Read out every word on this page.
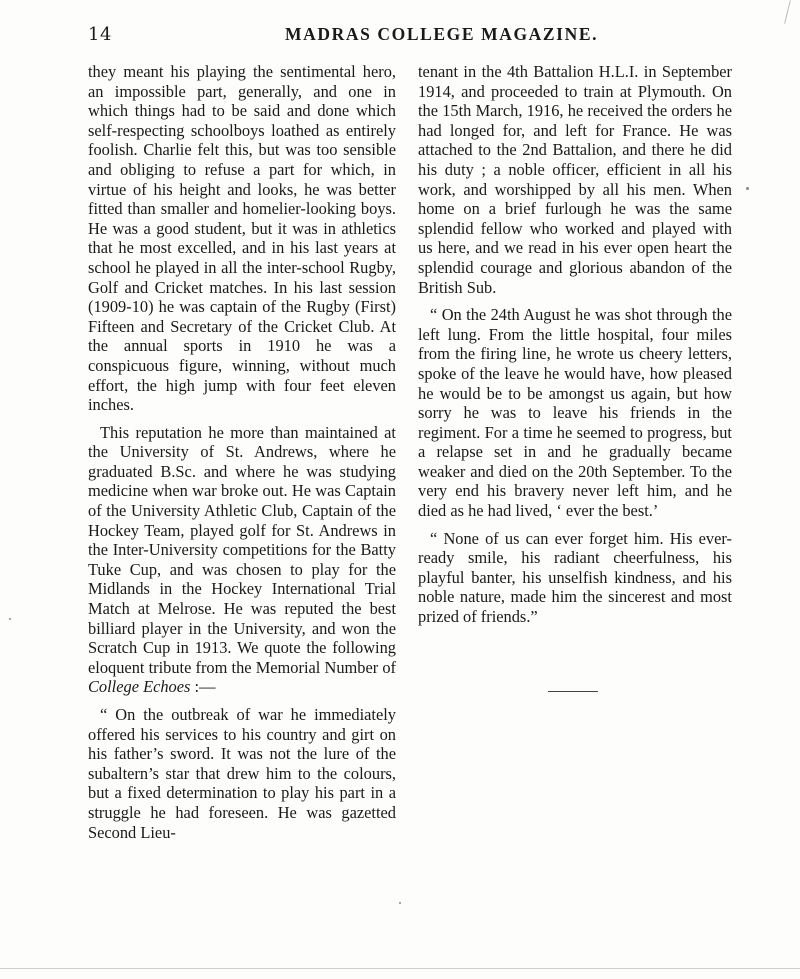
14	MADRAS COLLEGE MAGAZINE.

they meant his playing the sentimental hero, an impossible part, generally, and one in which things had to be said and done which self-respecting schoolboys loathed as entirely foolish. Charlie felt this, but was too sensible and obliging to refuse a part for which, in virtue of his height and looks, he was better fitted than smaller and homelier-looking boys. He was a good student, but it was in athletics that he most excelled, and in his last years at school he played in all the inter-school Rugby, Golf and Cricket matches. In his last session (1909-10) he was captain of the Rugby (First) Fifteen and Secretary of the Cricket Club. At the annual sports in 1910 he was a conspicuous figure, winning, without much effort, the high jump with four feet eleven inches.

This reputation he more than maintained at the University of St. Andrews, where he graduated B.Sc. and where he was studying medicine when war broke out. He was Captain of the University Athletic Club, Captain of the Hockey Team, played golf for St. Andrews in the Inter-University competitions for the Batty Tuke Cup, and was chosen to play for the Midlands in the Hockey International Trial Match at Melrose. He was reputed the best billiard player in the University, and won the Scratch Cup in 1913. We quote the following eloquent tribute from the Memorial Number of College Echoes :—

“ On the outbreak of war he immediately offered his services to his country and girt on his father’s sword. It was not the lure of the subaltern’s star that drew him to the colours, but a fixed determination to play his part in a struggle he had foreseen. He was gazetted Second Lieu-

tenant in the 4th Battalion H.L.I. in September 1914, and proceeded to train at Plymouth. On the 15th March, 1916, he received the orders he had longed for, and left for France. He was attached to the 2nd Battalion, and there he did his duty ; a noble officer, efficient in all his work, and worshipped by all his men. When home on a brief furlough he was the same splendid fellow who worked and played with us here, and we read in his ever open heart the splendid courage and glorious abandon of the British Sub.

“ On the 24th August he was shot through the left lung. From the little hospital, four miles from the firing line, he wrote us cheery letters, spoke of the leave he would have, how pleased he would be to be amongst us again, but how sorry he was to leave his friends in the regiment. For a time he seemed to progress, but a relapse set in and he gradually became weaker and died on the 20th September. To the very end his bravery never left him, and he died as he had lived, ‘ ever the best.’

“ None of us can ever forget him. His ever-ready smile, his radiant cheerfulness, his playful banter, his unselfish kindness, and his noble nature, made him the sincerest and most prized of friends.”
